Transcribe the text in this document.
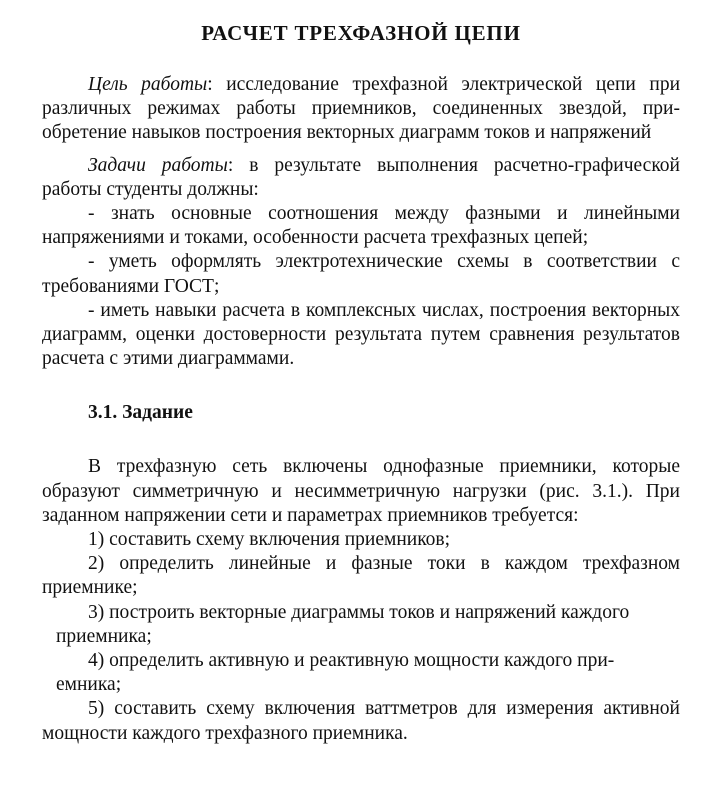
РАСЧЕТ ТРЕХФАЗНОЙ ЦЕПИ

Цель работы: исследование трехфазной электрической цепи при различных режимах работы приемников, соединенных звездой, приобретение навыков построения векторных диаграмм токов и напряжений

Задачи работы: в результате выполнения расчетно-графической работы студенты должны:

- знать основные соотношения между фазными и линейными напряжениями и токами, особенности расчета трехфазных цепей;

- уметь оформлять электротехнические схемы в соответствии с требованиями ГОСТ;

- иметь навыки расчета в комплексных числах, построения векторных диаграмм, оценки достоверности результата путем сравнения результатов расчета с этими диаграммами.

3.1. Задание

В трехфазную сеть включены однофазные приемники, которые образуют симметричную и несимметричную нагрузки (рис. 3.1.). При заданном напряжении сети и параметрах приемников требуется:

1) составить схему включения приемников;

2) определить линейные и фазные токи в каждом трехфазном приемнике;

3) построить векторные диаграммы токов и напряжений каждого
приемника;

4) определить активную и реактивную мощности каждого при-
емника;

5) составить схему включения ваттметров для измерения активной мощности каждого трехфазного приемника.
